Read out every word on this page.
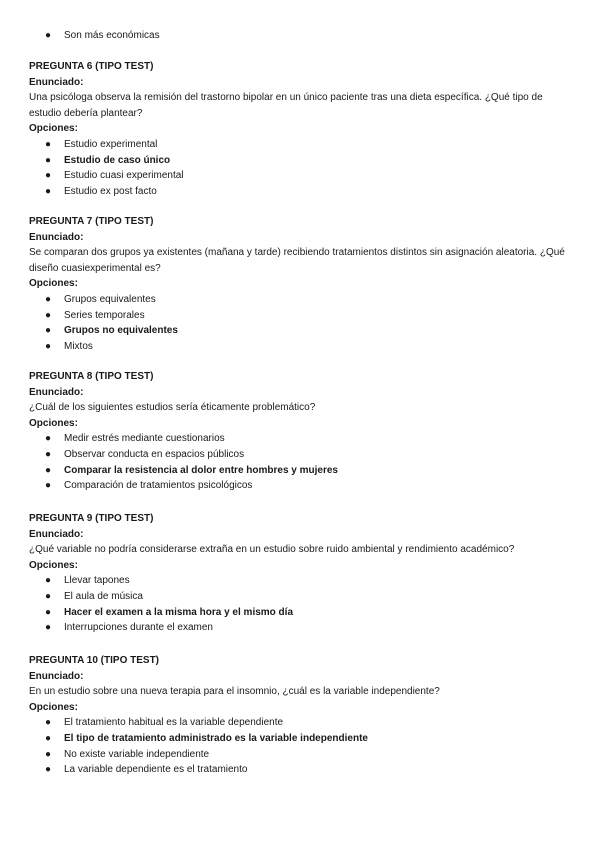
● Son más económicas

PREGUNTA 6 (TIPO TEST)

Enunciado:

Una psicóloga observa la remisión del trastorno bipolar en un único paciente tras una dieta específica. ¿Qué tipo de estudio debería plantear?

Opciones:

● Estudio experimental
● Estudio de caso único
● Estudio cuasi experimental
● Estudio ex post facto

PREGUNTA 7 (TIPO TEST)

Enunciado:

Se comparan dos grupos ya existentes (mañana y tarde) recibiendo tratamientos distintos sin asignación aleatoria. ¿Qué diseño cuasiexperimental es?

Opciones:

● Grupos equivalentes
● Series temporales
● Grupos no equivalentes
● Mixtos

PREGUNTA 8 (TIPO TEST)

Enunciado:

¿Cuál de los siguientes estudios sería éticamente problemático?

Opciones:

● Medir estrés mediante cuestionarios
● Observar conducta en espacios públicos
● Comparar la resistencia al dolor entre hombres y mujeres
● Comparación de tratamientos psicológicos

PREGUNTA 9 (TIPO TEST)

Enunciado:

¿Qué variable no podría considerarse extraña en un estudio sobre ruido ambiental y rendimiento académico?

Opciones:

● Llevar tapones
● El aula de música
● Hacer el examen a la misma hora y el mismo día
● Interrupciones durante el examen

PREGUNTA 10 (TIPO TEST)

Enunciado:

En un estudio sobre una nueva terapia para el insomnio, ¿cuál es la variable independiente?

Opciones:

● El tratamiento habitual es la variable dependiente
● El tipo de tratamiento administrado es la variable independiente
● No existe variable independiente
● La variable dependiente es el tratamiento
